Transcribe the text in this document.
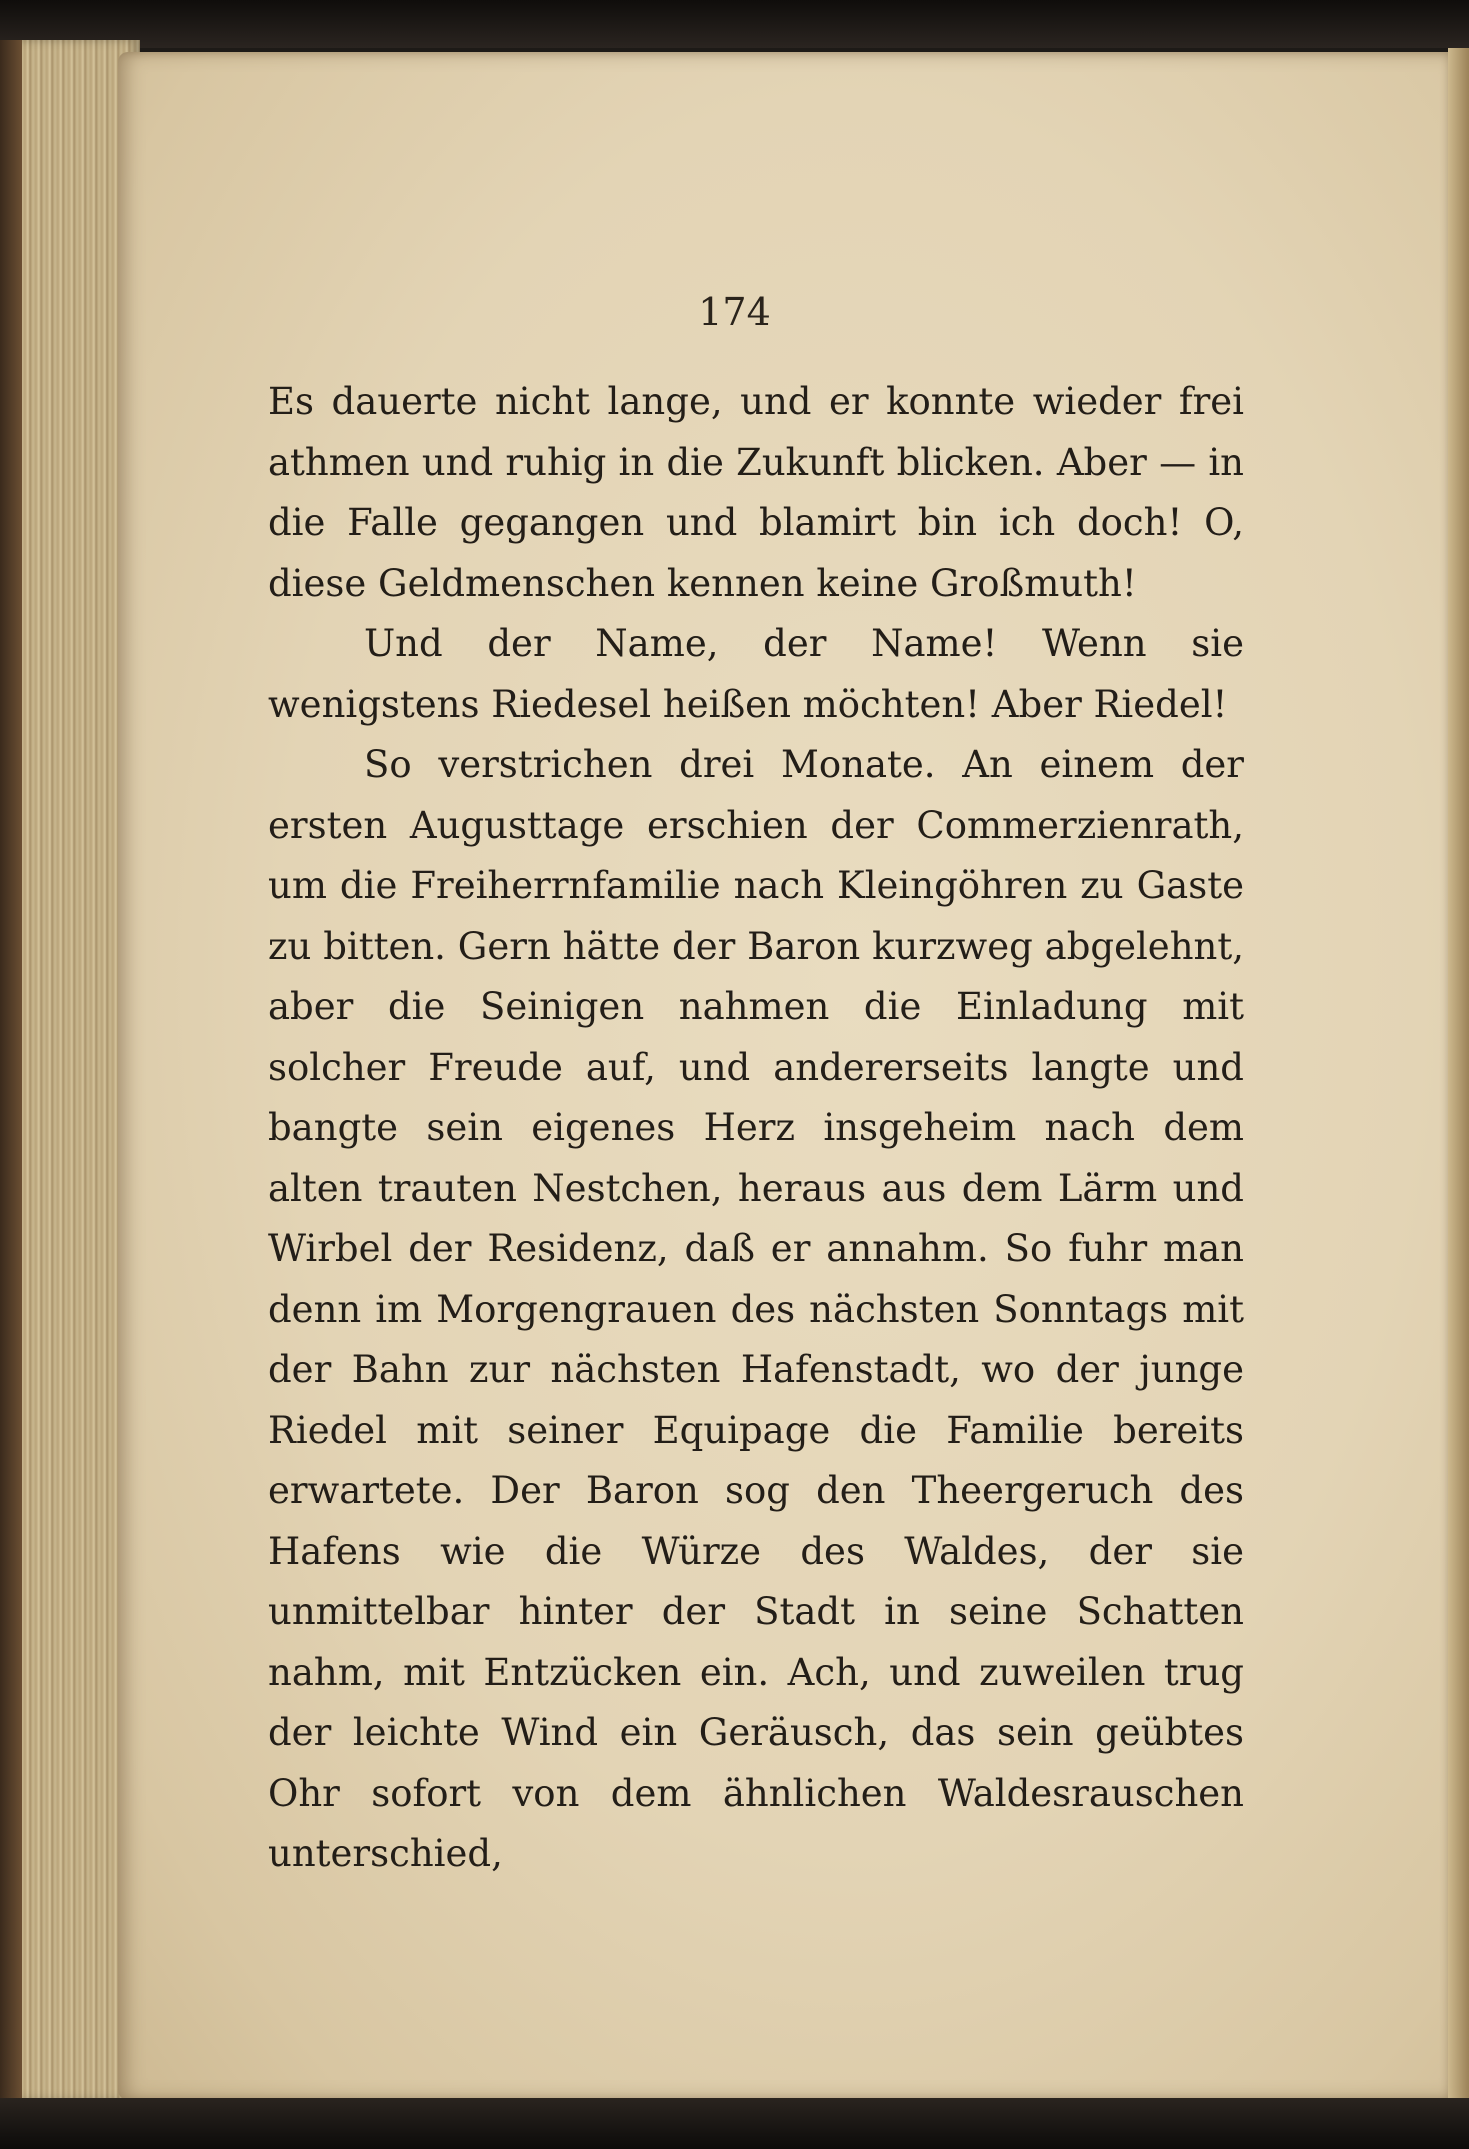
174

Es dauerte nicht lange, und er konnte wieder frei athmen und ruhig in die Zukunft blicken. Aber — in die Falle gegangen und blamirt bin ich doch! O, diese Geldmenschen kennen keine Großmuth!

Und der Name, der Name! Wenn sie wenigstens Riedesel heißen möchten! Aber Riedel!

So verstrichen drei Monate. An einem der ersten Augusttage erschien der Commerzienrath, um die Freiherrnfamilie nach Kleingöhren zu Gaste zu bitten. Gern hätte der Baron kurzweg abgelehnt, aber die Seinigen nahmen die Einladung mit solcher Freude auf, und andererseits langte und bangte sein eigenes Herz insgeheim nach dem alten trauten Nestchen, heraus aus dem Lärm und Wirbel der Residenz, daß er annahm. So fuhr man denn im Morgengrauen des nächsten Sonntags mit der Bahn zur nächsten Hafenstadt, wo der junge Riedel mit seiner Equipage die Familie bereits erwartete. Der Baron sog den Theergeruch des Hafens wie die Würze des Waldes, der sie unmittelbar hinter der Stadt in seine Schatten nahm, mit Entzücken ein. Ach, und zuweilen trug der leichte Wind ein Geräusch, das sein geübtes Ohr sofort von dem ähnlichen Waldesrauschen unterschied,
